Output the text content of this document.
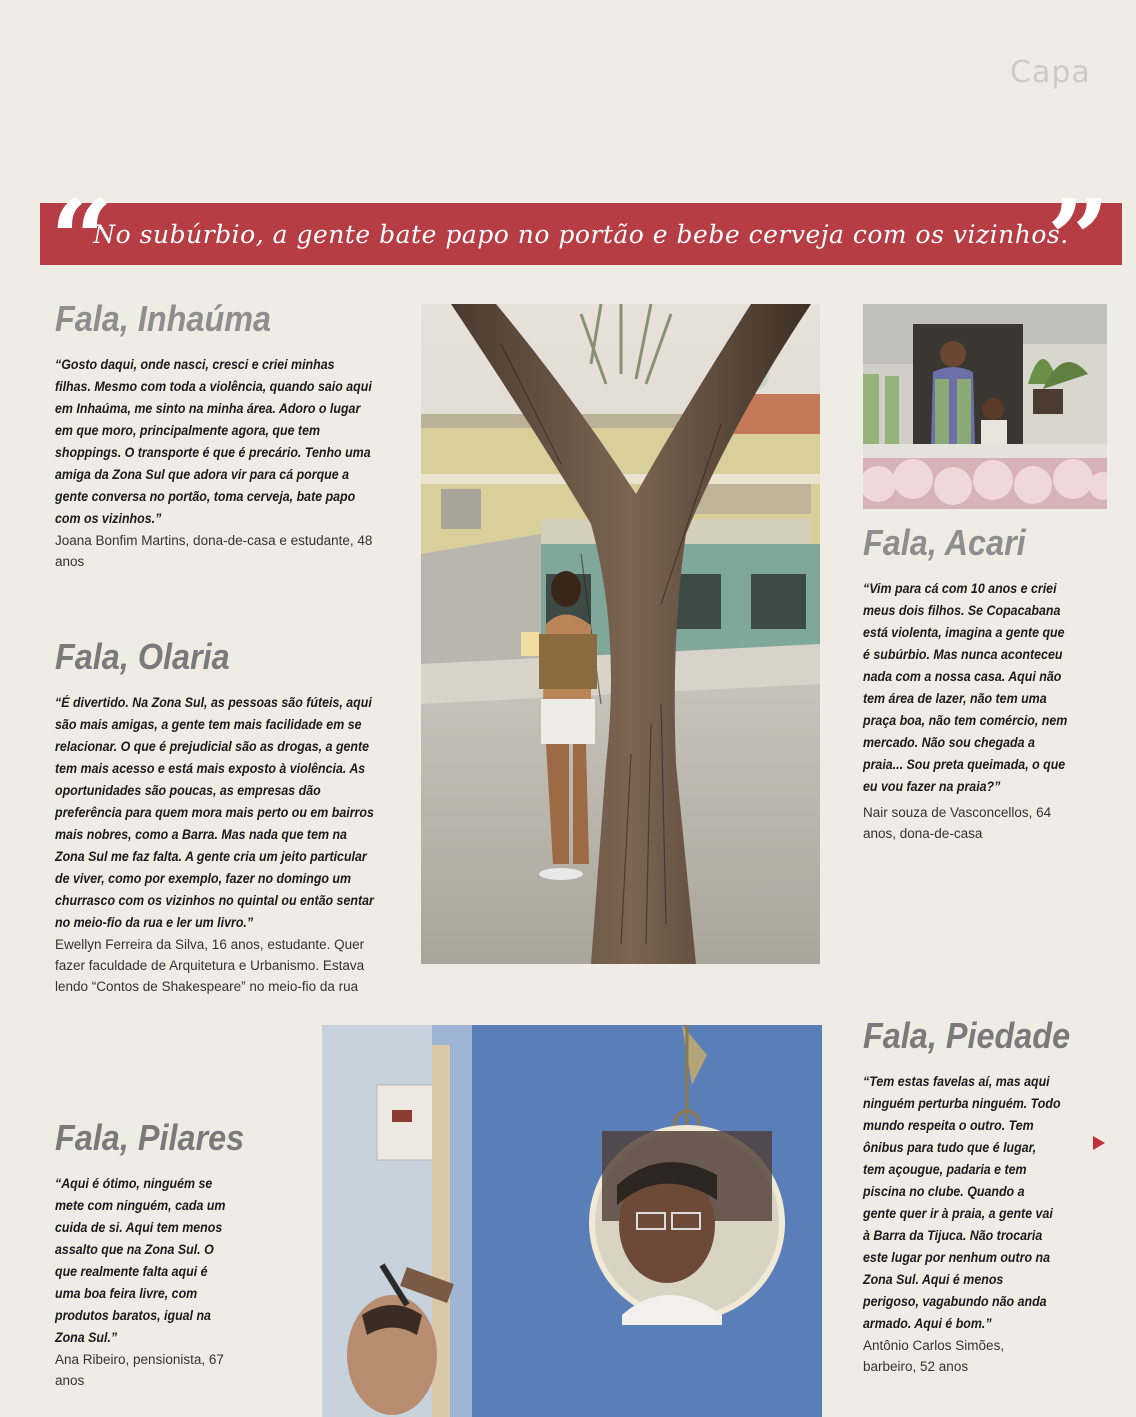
Capa
“
No subúrbio, a gente bate papo no portão e bebe cerveja com os vizinhos.
”
Fala, Inhaúma

“Gosto daqui, onde nasci, cresci e criei minhas filhas. Mesmo com toda a violência, quando saio aqui em Inhaúma, me sinto na minha área. Adoro o lugar em que moro, principalmente agora, que tem shoppings. O transporte é que é precário. Tenho uma amiga da Zona Sul que adora vir para cá porque a gente conversa no portão, toma cerveja, bate papo com os vizinhos.”

Joana Bonfim Martins, dona-de-casa e estudante, 48 anos

Fala, Olaria

“É divertido. Na Zona Sul, as pessoas são fúteis, aqui são mais amigas, a gente tem mais facilidade em se relacionar. O que é prejudicial são as drogas, a gente tem mais acesso e está mais exposto à violência. As oportunidades são poucas, as empresas dão preferência para quem mora mais perto ou em bairros mais nobres, como a Barra. Mas nada que tem na Zona Sul me faz falta. A gente cria um jeito particular de viver, como por exemplo, fazer no domingo um churrasco com os vizinhos no quintal ou então sentar no meio-fio da rua e ler um livro.”

Ewellyn Ferreira da Silva, 16 anos, estudante. Quer fazer faculdade de Arquitetura e Urbanismo. Estava lendo “Contos de Shakespeare” no meio-fio da rua

Fala, Acari

“Vim para cá com 10 anos e criei meus dois filhos. Se Copacabana está violenta, imagina a gente que é subúrbio. Mas nunca aconteceu nada com a nossa casa. Aqui não tem área de lazer, não tem uma praça boa, não tem comércio, nem mercado. Não sou chegada a praia... Sou preta queimada, o que eu vou fazer na praia?”

Nair souza de Vasconcellos, 64 anos, dona-de-casa

Fala, Pilares

“Aqui é ótimo, ninguém se mete com ninguém, cada um cuida de si. Aqui tem menos assalto que na Zona Sul. O que realmente falta aqui é uma boa feira livre, com produtos baratos, igual na Zona Sul.”

Ana Ribeiro, pensionista, 67 anos

Fala, Piedade

“Tem estas favelas aí, mas aqui ninguém perturba ninguém. Todo mundo respeita o outro. Tem ônibus para tudo que é lugar, tem açougue, padaria e tem piscina no clube. Quando a gente quer ir à praia, a gente vai à Barra da Tijuca. Não trocaria este lugar por nenhum outro na Zona Sul. Aqui é menos perigoso, vagabundo não anda armado. Aqui é bom.”

Antônio Carlos Simões, barbeiro, 52 anos
